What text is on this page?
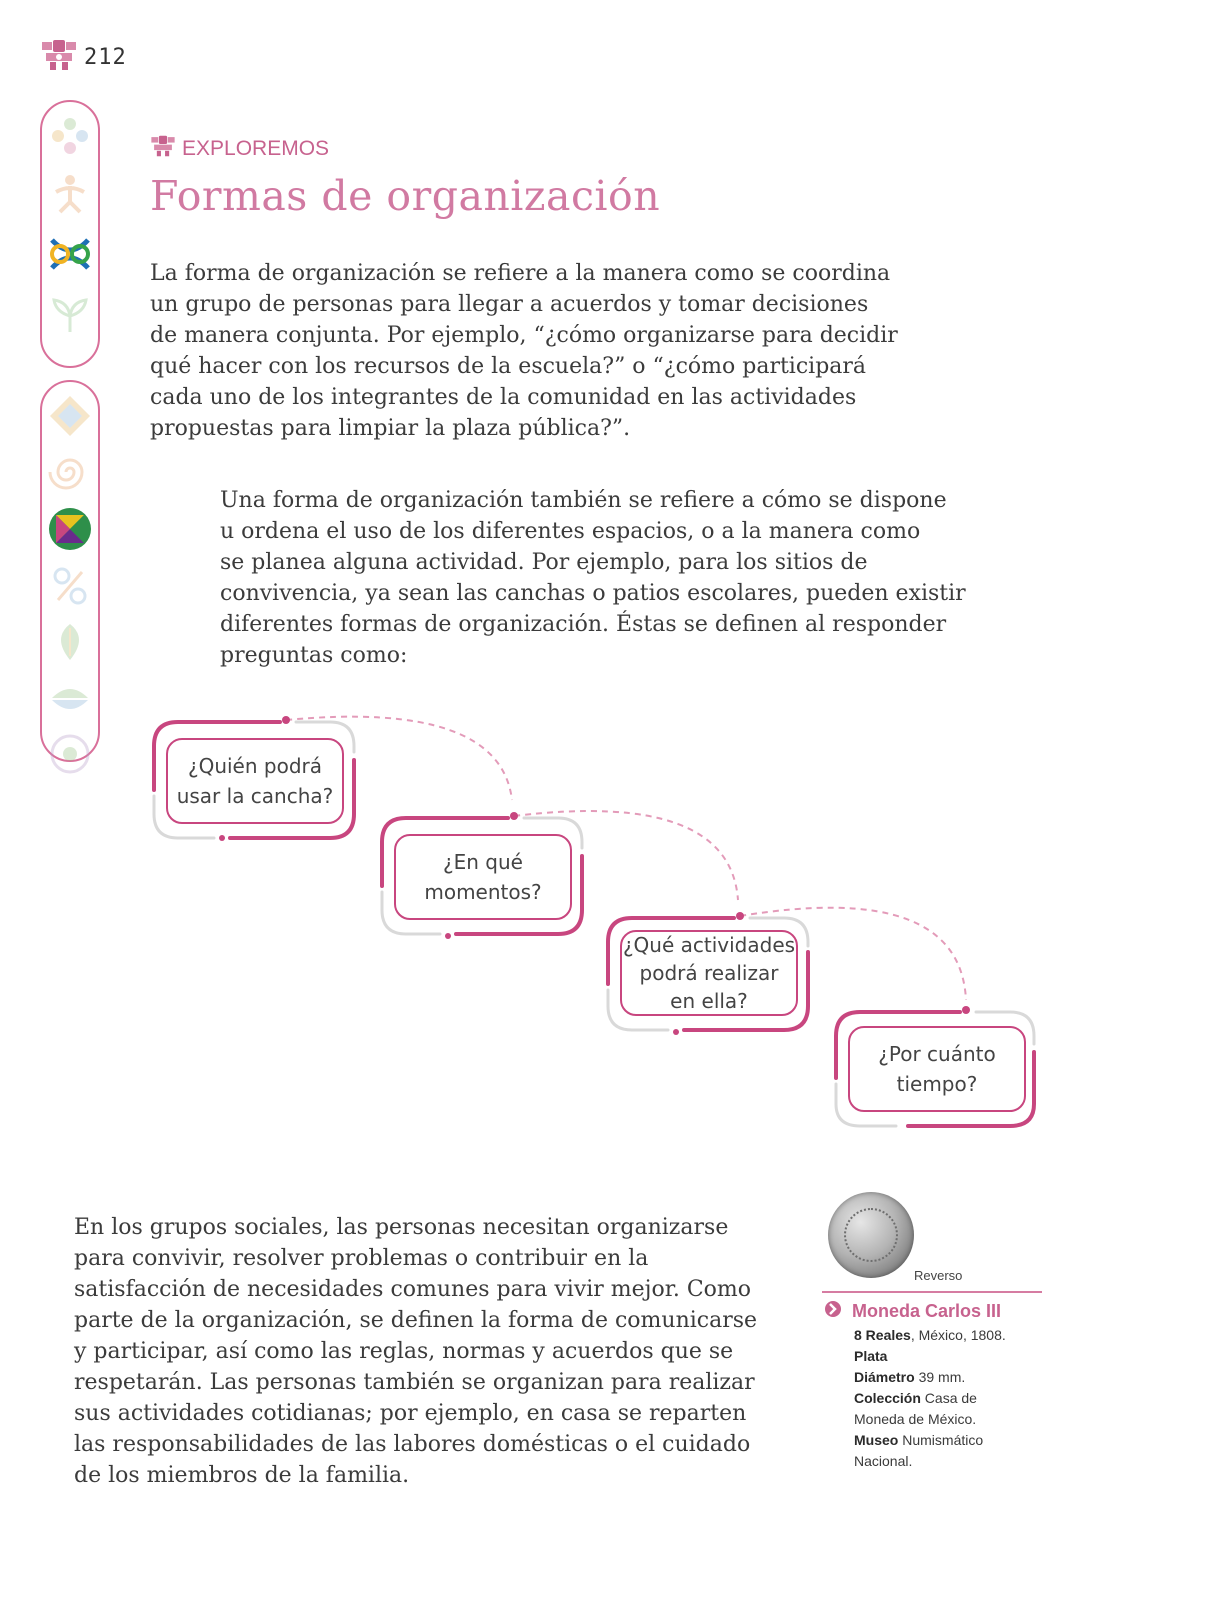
212
EXPLOREMOS
Formas de organización

La forma de organización se refiere a la manera como se coordina
un grupo de personas para llegar a acuerdos y tomar decisiones
de manera conjunta. Por ejemplo, “¿cómo organizarse para decidir
qué hacer con los recursos de la escuela?” o “¿cómo participará
cada uno de los integrantes de la comunidad en las actividades
propuestas para limpiar la plaza pública?”.

Una forma de organización también se refiere a cómo se dispone
u ordena el uso de los diferentes espacios, o a la manera como
se planea alguna actividad. Por ejemplo, para los sitios de
convivencia, ya sean las canchas o patios escolares, pueden existir
diferentes formas de organización. Éstas se definen al responder
preguntas como:

¿Quién podrá
usar la cancha?
¿En qué
momentos?
¿Qué actividades
podrá realizar
en ella?
¿Por cuánto
tiempo?

En los grupos sociales, las personas necesitan organizarse
para convivir, resolver problemas o contribuir en la
satisfacción de necesidades comunes para vivir mejor. Como
parte de la organización, se definen la forma de comunicarse
y participar, así como las reglas, normas y acuerdos que se
respetarán. Las personas también se organizan para realizar
sus actividades cotidianas; por ejemplo, en casa se reparten
las responsabilidades de las labores domésticas o el cuidado
de los miembros de la familia.

Reverso
Moneda Carlos III
8 Reales, México, 1808.
Plata
Diámetro 39 mm.
Colección Casa de
Moneda de México.
Museo Numismático
Nacional.
